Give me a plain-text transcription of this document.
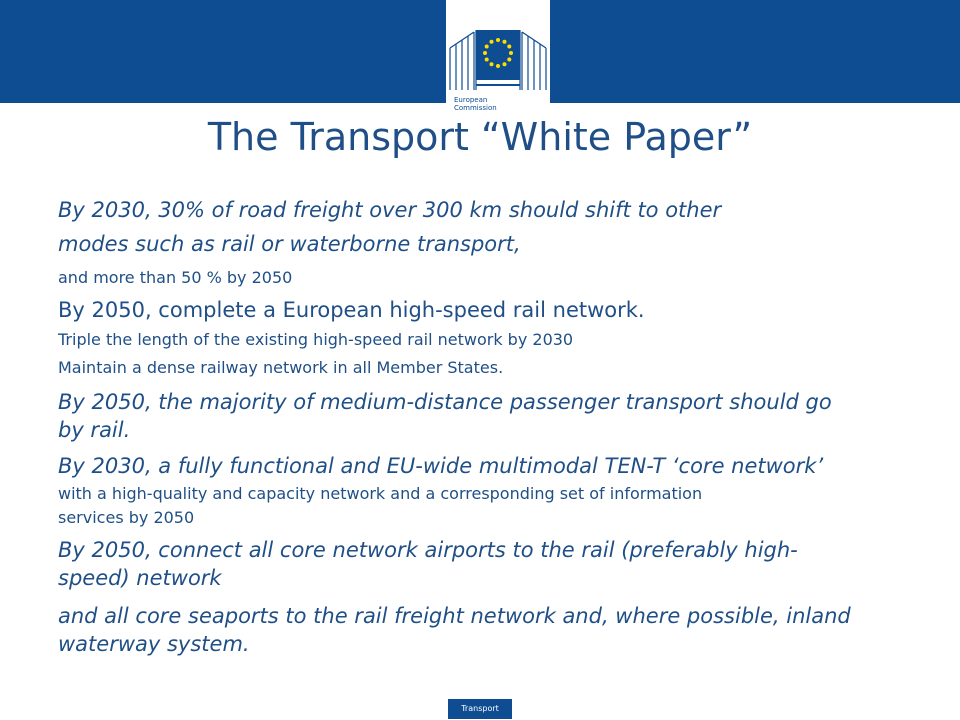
European
Commission
The Transport “White Paper”
By 2030, 30% of road freight over 300 km should shift to other
modes such as rail or waterborne transport,
and more than 50 % by 2050
By 2050, complete a European high-speed rail network.
Triple the length of the existing high-speed rail network by 2030
Maintain a dense railway network in all Member States.
By 2050, the majority of medium-distance passenger transport should go
by rail.
By 2030, a fully functional and EU-wide multimodal TEN-T ‘core network’
with a high-quality and capacity network and a corresponding set of information
services by 2050
By 2050, connect all core network airports to the rail (preferably high-
speed) network
and all core seaports to the rail freight network and, where possible, inland
waterway system.
Transport
